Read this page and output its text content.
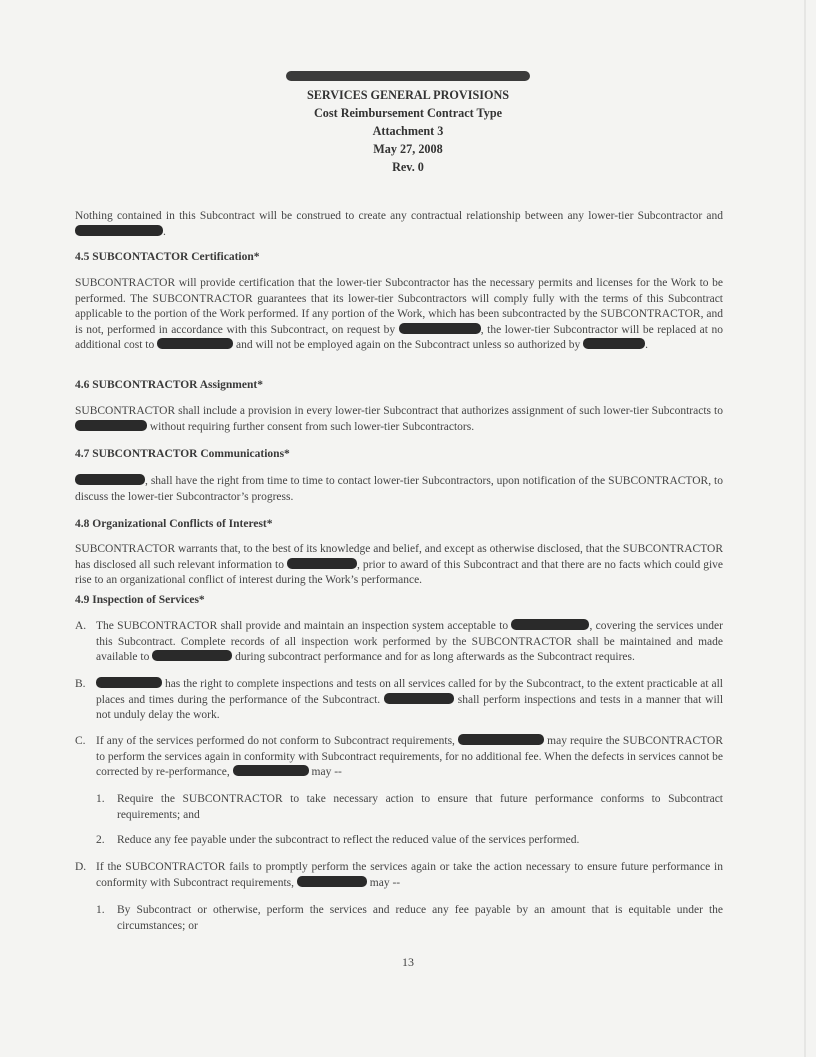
SERVICES GENERAL PROVISIONS
Cost Reimbursement Contract Type
Attachment 3
May 27, 2008
Rev. 0

Nothing contained in this Subcontract will be construed to create any contractual relationship between any lower-tier Subcontractor and .

4.5 SUBCONTACTOR Certification*

SUBCONTRACTOR will provide certification that the lower-tier Subcontractor has the necessary permits and licenses for the Work to be performed. The SUBCONTRACTOR guarantees that its lower-tier Subcontractors will comply fully with the terms of this Subcontract applicable to the portion of the Work performed. If any portion of the Work, which has been subcontracted by the SUBCONTRACTOR, and is not, performed in accordance with this Subcontract, on request by	, the lower-tier Subcontractor will be replaced at no additional cost to	and will not be employed again on the Subcontract unless so authorized by	.

4.6 SUBCONTRACTOR Assignment*

SUBCONTRACTOR shall include a provision in every lower-tier Subcontract that authorizes assignment of such lower-tier Subcontracts to  without requiring further consent from such lower-tier Subcontractors.

4.7 SUBCONTRACTOR Communications*

, shall have the right from time to time to contact lower-tier Subcontractors, upon notification of the SUBCONTRACTOR, to discuss the lower-tier Subcontractor’s progress.

4.8 Organizational Conflicts of Interest*

SUBCONTRACTOR warrants that, to the best of its knowledge and belief, and except as otherwise disclosed, that the SUBCONTRACTOR has disclosed all such relevant information to	, prior to award of this Subcontract and that there are no facts which could give rise to an organizational conflict of interest during the Work’s performance.

4.9 Inspection of Services*

A. The SUBCONTRACTOR shall provide and maintain an inspection system acceptable to	, covering the services under this Subcontract. Complete records of all inspection work performed by the SUBCONTRACTOR shall be maintained and made available to	during subcontract performance and for as long afterwards as the Subcontract requires.
B.	has the right to complete inspections and tests on all services called for by the Subcontract, to the extent practicable at all places and times during the performance of the Subcontract.	shall perform inspections and tests in a manner that will not unduly delay the work.
C. If any of the services performed do not conform to Subcontract requirements,	may require the SUBCONTRACTOR to perform the services again in conformity with Subcontract requirements, for no additional fee. When the defects in services cannot be corrected by re-performance,	may --
1. Require the SUBCONTRACTOR to take necessary action to ensure that future performance conforms to Subcontract requirements; and
2. Reduce any fee payable under the subcontract to reflect the reduced value of the services performed.
D. If the SUBCONTRACTOR fails to promptly perform the services again or take the action necessary to ensure future performance in conformity with Subcontract requirements,	may --
1. By Subcontract or otherwise, perform the services and reduce any fee payable by an amount that is equitable under the circumstances; or
13
